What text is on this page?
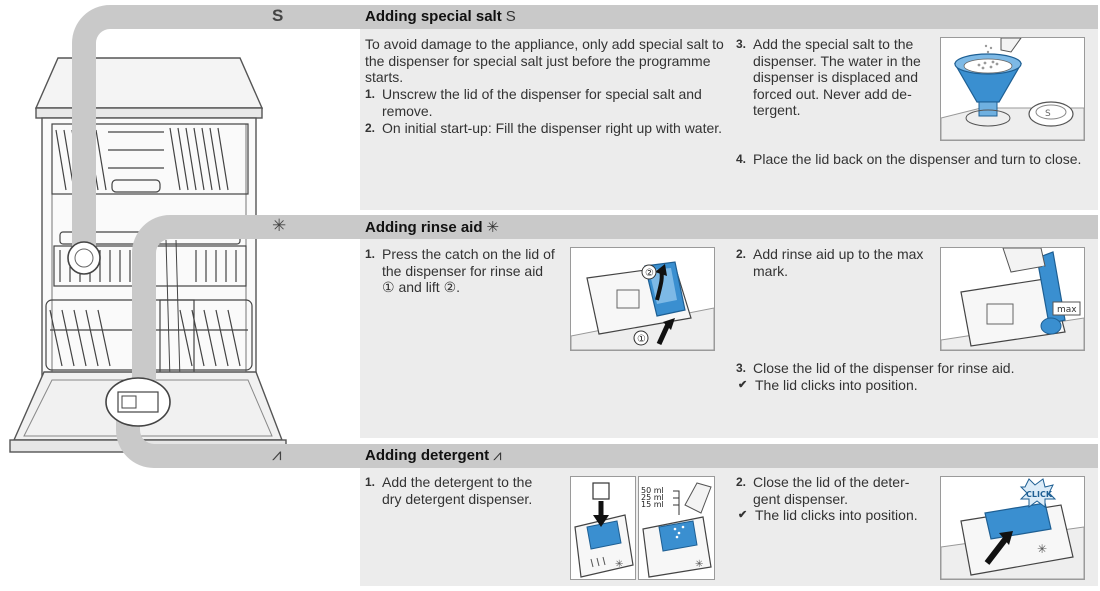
S
✳
⩘
Adding special salt S
To avoid damage to the appliance, only add special salt to the dispenser for special salt just before the programme starts.
1. Unscrew the lid of the dispenser for special salt and remove.
2. On initial start-up: Fill the dispenser right up with water.
3. Add the special salt to the dispenser. The water in the dispenser is displaced and forced out. Never add de-tergent.
4. Place the lid back on the dispenser and turn to close.
S
Adding rinse aid ✳
1. Press the catch on the lid of the dispenser for rinse aid ① and lift ②.
②
①
2. Add rinse aid up to the max mark.
max
3. Close the lid of the dispenser for rinse aid.
✔ The lid clicks into position.
Adding detergent ⩘
1. Add the detergent to the dry detergent dispenser.
✳
50 ml
25 ml
15 ml
✳
2. Close the lid of the deter-gent dispenser.
✔ The lid clicks into position.
CLICK
✳
